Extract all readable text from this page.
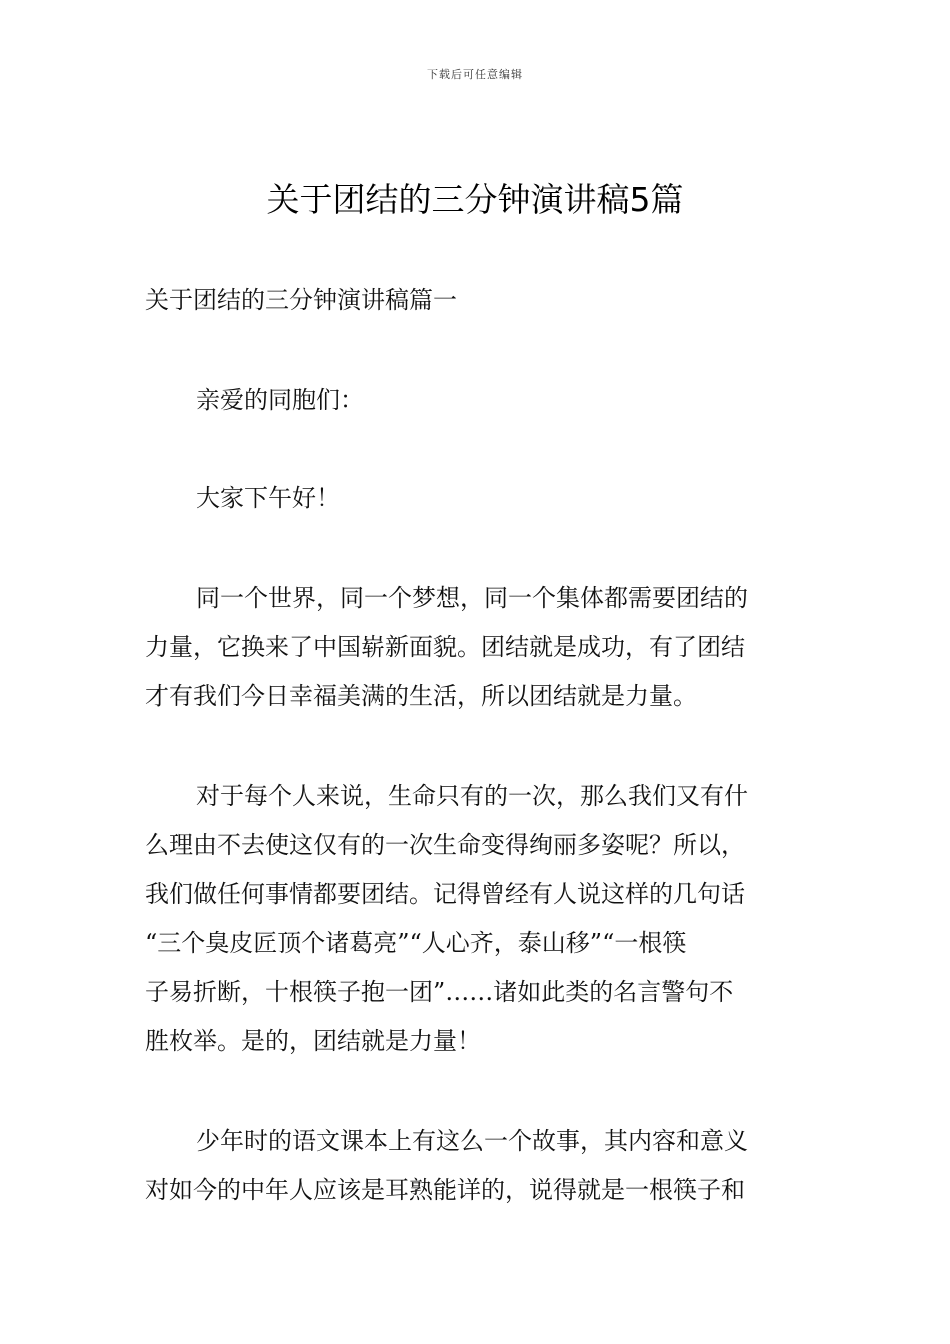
下载后可任意编辑
关于团结的三分钟演讲稿5篇
关于团结的三分钟演讲稿篇一

亲爱的同胞们：

大家下午好！

同一个世界，同一个梦想，同一个集体都需要团结的

力量，它换来了中国崭新面貌。团结就是成功，有了团结

才有我们今日幸福美满的生活，所以团结就是力量。

对于每个人来说，生命只有的一次，那么我们又有什

么理由不去使这仅有的一次生命变得绚丽多姿呢？所以，

我们做任何事情都要团结。记得曾经有人说这样的几句话

“三个臭皮匠顶个诸葛亮”“人心齐，泰山移”“一根筷

子易折断，十根筷子抱一团”……诸如此类的名言警句不

胜枚举。是的，团结就是力量！

少年时的语文课本上有这么一个故事，其内容和意义

对如今的中年人应该是耳熟能详的，说得就是一根筷子和
